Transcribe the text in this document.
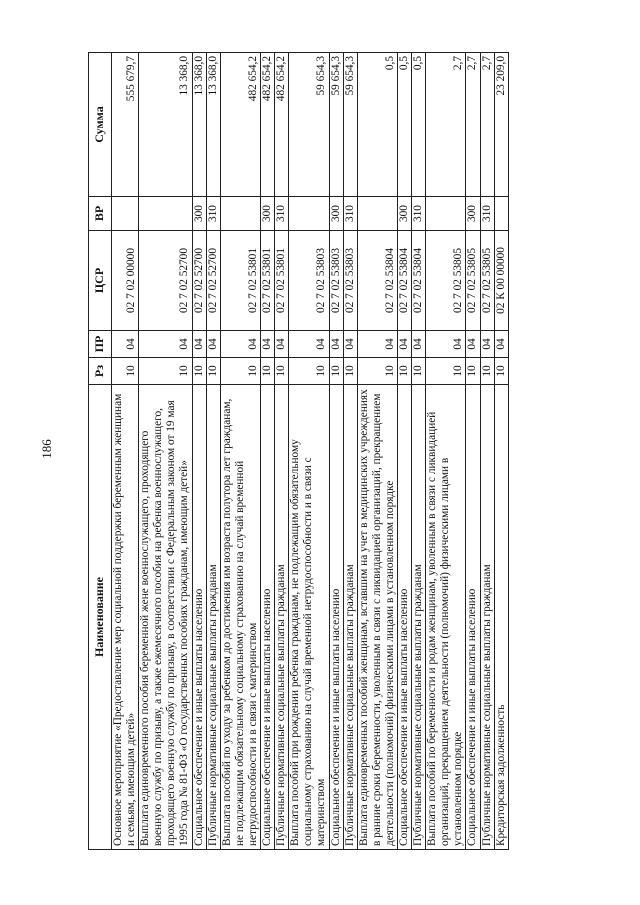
186
Наименование	Рз	ПР	ЦСР	ВР	Сумма
Основное мероприятие «Предоставление мер социальной поддержки беременным женщинам и семьям, имеющим детей»	10	04	02 7 02 00000		555 679,7
Выплата единовременного пособия беременной жене военнослужащего, проходящего военную службу по призыву, а также ежемесячного пособия на ребенка военнослужащего, проходящего военную службу по призыву, в соответствии с Федеральным законом от 19 мая 1995 года № 81-ФЗ «О государственных пособиях гражданам, имеющим детей»	10	04	02 7 02 52700		13 368,0
Социальное обеспечение и иные выплаты населению	10	04	02 7 02 52700	300	13 368,0
Публичные нормативные социальные выплаты гражданам	10	04	02 7 02 52700	310	13 368,0
Выплата пособий по уходу за ребенком до достижения им возраста полутора лет гражданам, не подлежащим обязательному социальному страхованию на случай временной нетрудоспособности и в связи с материнством	10	04	02 7 02 53801		482 654,2
Социальное обеспечение и иные выплаты населению	10	04	02 7 02 53801	300	482 654,2
Публичные нормативные социальные выплаты гражданам	10	04	02 7 02 53801	310	482 654,2
Выплата пособий при рождении ребенка гражданам, не подлежащим обязательному социальному страхованию на случай временной нетрудоспособности и в связи с материнством	10	04	02 7 02 53803		59 654,3
Социальное обеспечение и иные выплаты населению	10	04	02 7 02 53803	300	59 654,3
Публичные нормативные социальные выплаты гражданам	10	04	02 7 02 53803	310	59 654,3
Выплата единовременных пособий женщинам, вставшим на учет в медицинских учреждениях в ранние сроки беременности, уволенным в связи с ликвидацией организаций, прекращением деятельности (полномочий) физическими лицами в установленном порядке	10	04	02 7 02 53804		0,5
Социальное обеспечение и иные выплаты населению	10	04	02 7 02 53804	300	0,5
Публичные нормативные социальные выплаты гражданам	10	04	02 7 02 53804	310	0,5
Выплата пособий по беременности и родам женщинам, уволенным в связи с ликвидацией организаций, прекращением деятельности (полномочий) физическими лицами в установленном порядке	10	04	02 7 02 53805		2,7
Социальное обеспечение и иные выплаты населению	10	04	02 7 02 53805	300	2,7
Публичные нормативные социальные выплаты гражданам	10	04	02 7 02 53805	310	2,7
Кредиторская задолженность	10	04	02 К 00 00000		23 209,0
